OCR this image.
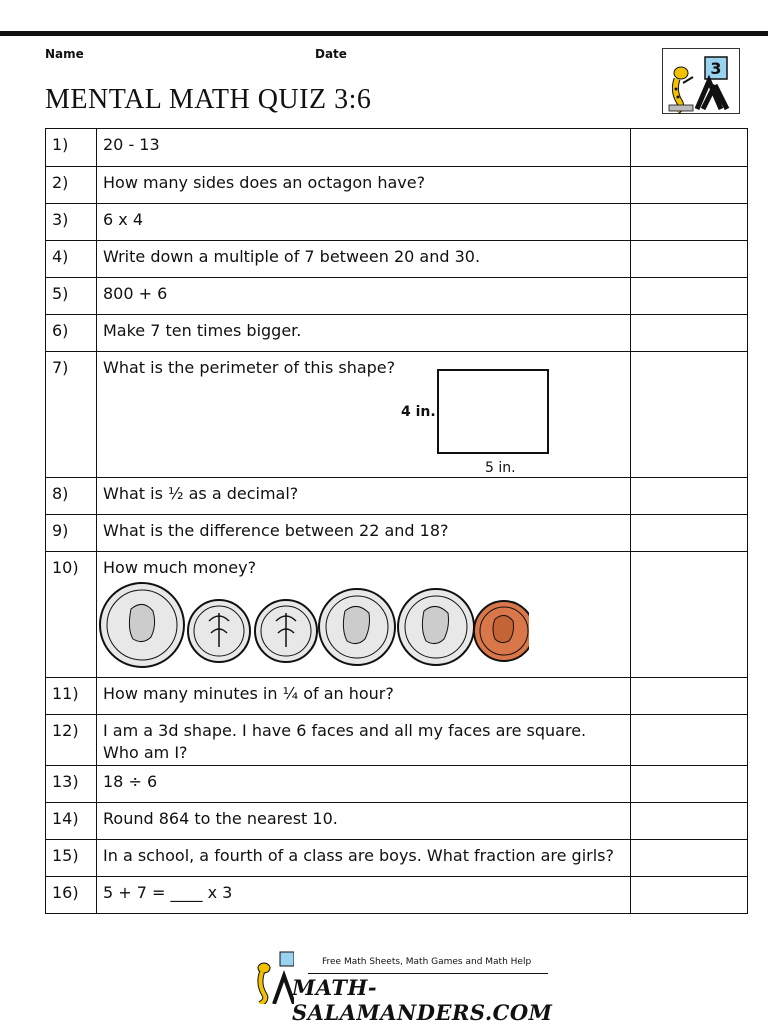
Name	Date
MENTAL MATH QUIZ 3:6
3
1)	20 - 13	
2)	How many sides does an octagon have?	
3)	6 x 4	
4)	Write down a multiple of 7 between 20 and 30.	
5)	800 + 6	
6)	Make 7 ten times bigger.	
7)	What is the perimeter of this shape?
4 in.
5 in.	

8)	What is ½ as a decimal?	
9)	What is the difference between 22 and 18?	
10)	How much money?	

11)	How many minutes in ¼ of an hour?	
12)	I am a 3d shape. I have 6 faces and all my faces are square.
Who am I?	

13)	18 ÷ 6	
14)	Round 864 to the nearest 10.	
15)	In a school, a fourth of a class are boys. What fraction are girls?	
16)	5 + 7 = ____ x 3	
Free Math Sheets, Math Games and Math Help
MATH-SALAMANDERS.COM
